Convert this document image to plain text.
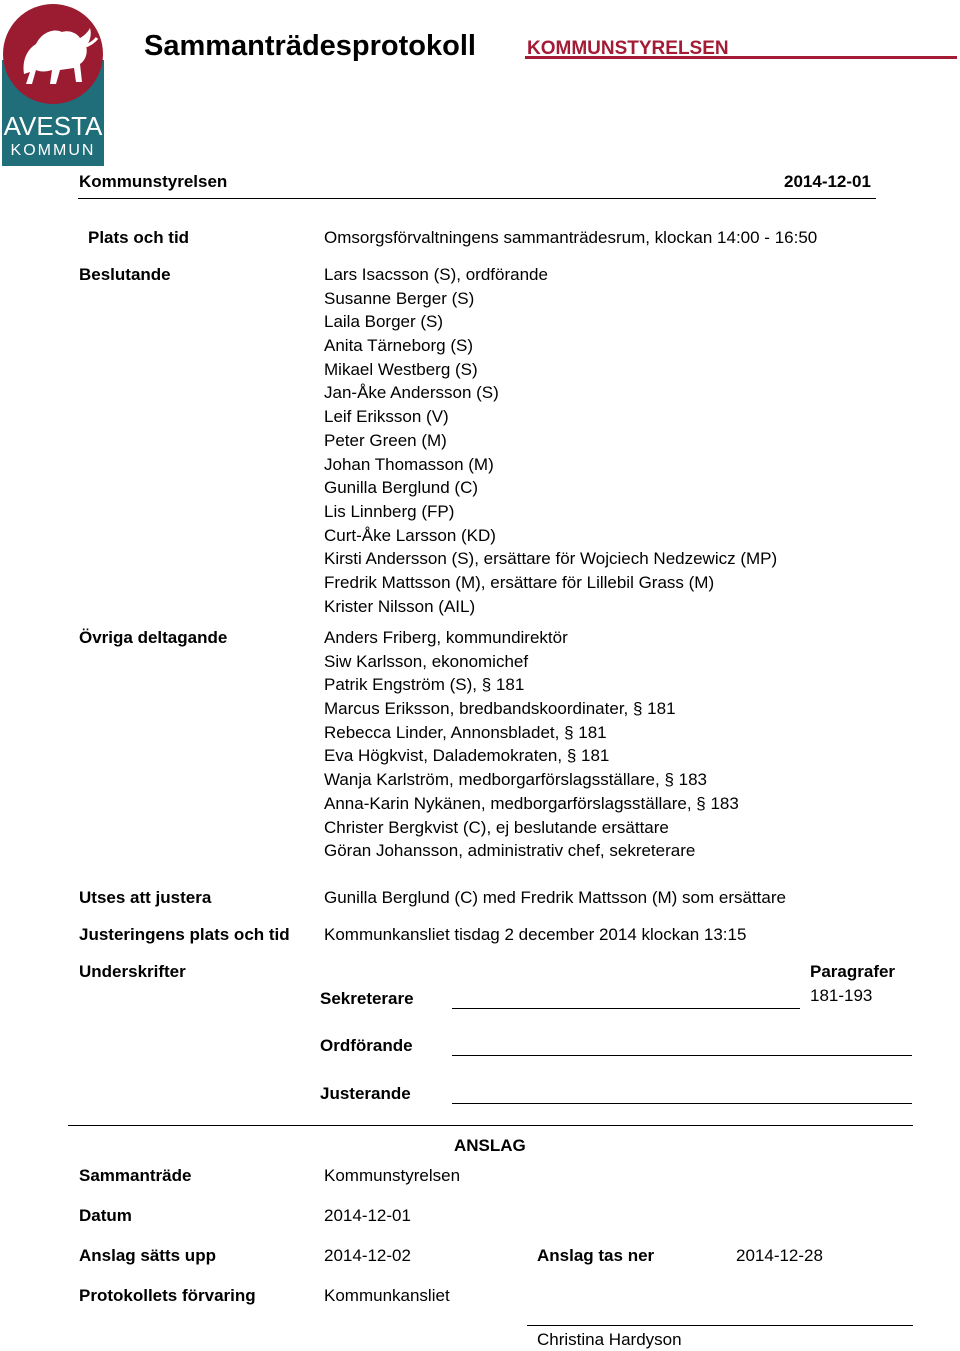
AVESTA
KOMMUN
Sammanträdesprotokoll	KOMMUNSTYRELSEN
Kommunstyrelsen	2014-12-01
Plats och tid	Omsorgsförvaltningens sammanträdesrum, klockan 14:00 - 16:50
Beslutande	Lars Isacsson (S), ordförande
Susanne Berger (S)
Laila Borger (S)
Anita Tärneborg (S)
Mikael Westberg (S)
Jan-Åke Andersson (S)
Leif Eriksson (V)
Peter Green (M)
Johan Thomasson (M)
Gunilla Berglund (C)
Lis Linnberg (FP)
Curt-Åke Larsson (KD)
Kirsti Andersson (S), ersättare för Wojciech Nedzewicz (MP)
Fredrik Mattsson (M), ersättare för Lillebil Grass (M)
Krister Nilsson (AIL)
Övriga deltagande	Anders Friberg, kommundirektör
Siw Karlsson, ekonomichef
Patrik Engström (S), § 181
Marcus Eriksson, bredbandskoordinater, § 181
Rebecca Linder, Annonsbladet, § 181
Eva Högkvist, Dalademokraten, § 181
Wanja Karlström, medborgarförslagsställare, § 183
Anna-Karin Nykänen, medborgarförslagsställare, § 183
Christer Bergkvist (C), ej beslutande ersättare
Göran Johansson, administrativ chef, sekreterare
Utses att justera	Gunilla Berglund (C) med Fredrik Mattsson (M) som ersättare
Justeringens plats och tid Kommunkansliet tisdag 2 december 2014 klockan 13:15
Underskrifter	Paragrafer
181-193
Sekreterare
Ordförande
Justerande
ANSLAG
Sammanträde	Kommunstyrelsen
Datum	2014-12-01
Anslag sätts upp	2014-12-02	Anslag tas ner	2014-12-28
Protokollets förvaring	Kommunkansliet
Christina Hardyson
